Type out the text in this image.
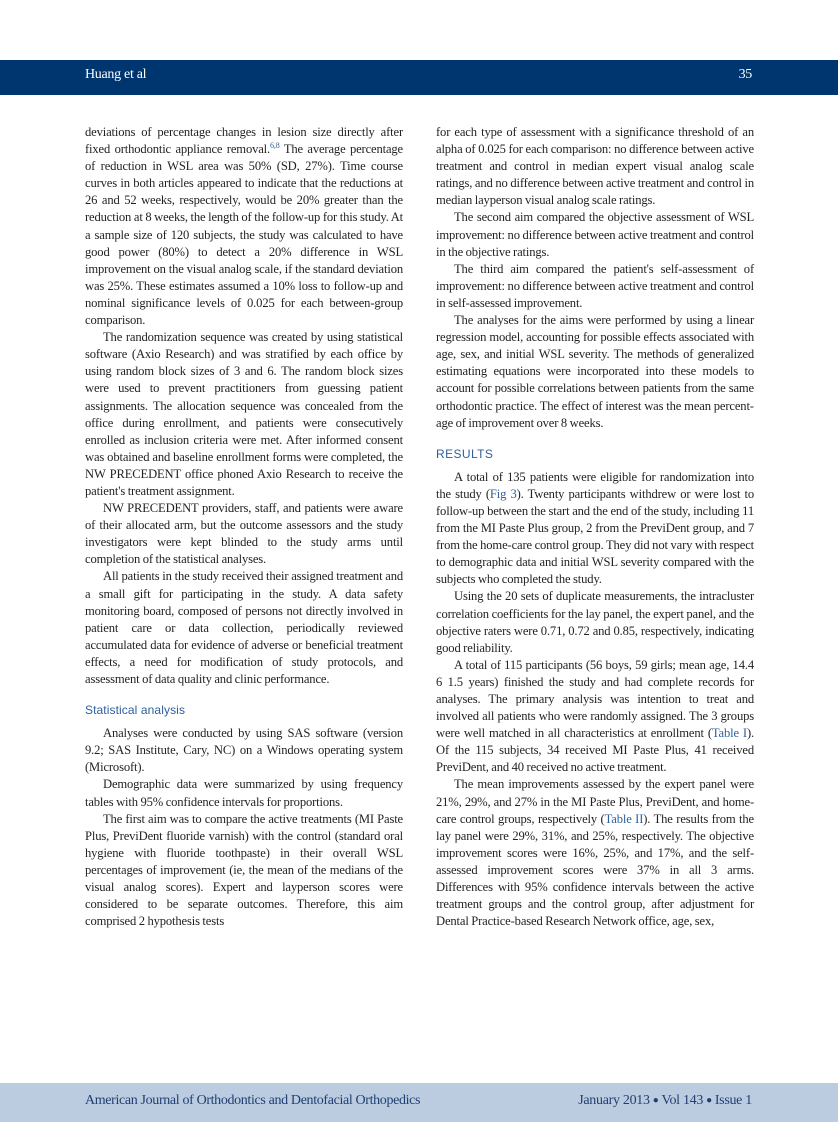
Huang et al	35

deviations of percentage changes in lesion size directly after fixed orthodontic appliance removal.$^{6,8}$ The average percentage of reduction in WSL area was 50% (SD, 27%). Time course curves in both articles appeared to indicate that the reductions at 26 and 52 weeks, respectively, would be 20% greater than the reduction at 8 weeks, the length of the follow-up for this study. At a sample size of 120 subjects, the study was calculated to have good power (80%) to detect a 20% difference in WSL improvement on the visual analog scale, if the standard deviation was 25%. These estimates assumed a 10% loss to follow-up and nominal significance levels of 0.025 for each between-group comparison.

The randomization sequence was created by using statistical software (Axio Research) and was stratified by each office by using random block sizes of 3 and 6. The random block sizes were used to prevent practitioners from guessing patient assignments. The allocation sequence was concealed from the office during enrollment, and patients were consecutively enrolled as inclusion criteria were met. After informed consent was obtained and baseline enrollment forms were completed, the NW PRECEDENT office phoned Axio Research to receive the patient's treatment assignment.

NW PRECEDENT providers, staff, and patients were aware of their allocated arm, but the outcome assessors and the study investigators were kept blinded to the study arms until completion of the statistical analyses.

All patients in the study received their assigned treatment and a small gift for participating in the study. A data safety monitoring board, composed of persons not directly involved in patient care or data collection, periodically reviewed accumulated data for evidence of adverse or beneficial treatment effects, a need for modification of study protocols, and assessment of data quality and clinic performance.

Statistical analysis

Analyses were conducted by using SAS software (version 9.2; SAS Institute, Cary, NC) on a Windows operating system (Microsoft).

Demographic data were summarized by using frequency tables with 95% confidence intervals for proportions.

The first aim was to compare the active treatments (MI Paste Plus, PreviDent fluoride varnish) with the control (standard oral hygiene with fluoride toothpaste) in their overall WSL percentages of improvement (ie, the mean of the medians of the visual analog scores). Expert and layperson scores were considered to be separate outcomes. Therefore, this aim comprised 2 hypothesis tests

for each type of assessment with a significance threshold of an alpha of 0.025 for each comparison: no difference between active treatment and control in median expert visual analog scale ratings, and no difference between active treatment and control in median layperson visual analog scale ratings.

The second aim compared the objective assessment of WSL improvement: no difference between active treatment and control in the objective ratings.

The third aim compared the patient's self-assessment of improvement: no difference between active treatment and control in self-assessed improvement.

The analyses for the aims were performed by using a linear regression model, accounting for possible effects associated with age, sex, and initial WSL severity. The methods of generalized estimating equations were incorporated into these models to account for possible correlations between patients from the same orthodontic practice. The effect of interest was the mean percentage of improvement over 8 weeks.

RESULTS

A total of 135 patients were eligible for randomization into the study (Fig 3). Twenty participants withdrew or were lost to follow-up between the start and the end of the study, including 11 from the MI Paste Plus group, 2 from the PreviDent group, and 7 from the home-care control group. They did not vary with respect to demographic data and initial WSL severity compared with the subjects who completed the study.

Using the 20 sets of duplicate measurements, the intracluster correlation coefficients for the lay panel, the expert panel, and the objective raters were 0.71, 0.72 and 0.85, respectively, indicating good reliability.

A total of 115 participants (56 boys, 59 girls; mean age, 14.4 6 1.5 years) finished the study and had complete records for analyses. The primary analysis was intention to treat and involved all patients who were randomly assigned. The 3 groups were well matched in all characteristics at enrollment (Table I). Of the 115 subjects, 34 received MI Paste Plus, 41 received PreviDent, and 40 received no active treatment.

The mean improvements assessed by the expert panel were 21%, 29%, and 27% in the MI Paste Plus, PreviDent, and home-care control groups, respectively (Table II). The results from the lay panel were 29%, 31%, and 25%, respectively. The objective improvement scores were 16%, 25%, and 17%, and the self-assessed improvement scores were 37% in all 3 arms. Differences with 95% confidence intervals between the active treatment groups and the control group, after adjustment for Dental Practice-based Research Network office, age, sex,

American Journal of Orthodontics and Dentofacial Orthopedics	January 2013 ● Vol 143 ● Issue 1
